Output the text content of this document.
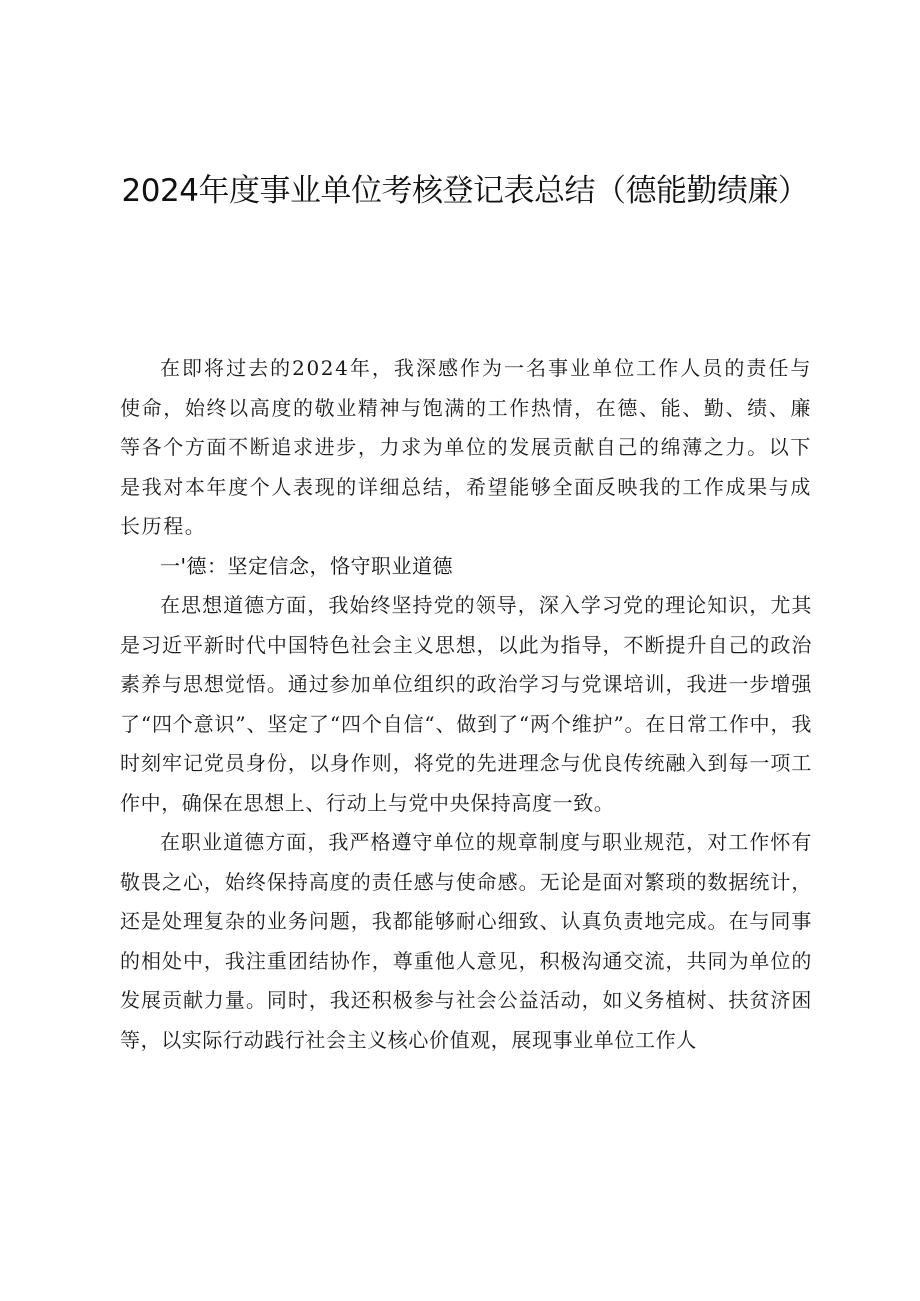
2024年度事业单位考核登记表总结（德能勤绩廉）

在即将过去的2024年，我深感作为一名事业单位工作人员的责任与使命，始终以高度的敬业精神与饱满的工作热情，在德、能、勤、绩、廉等各个方面不断追求进步，力求为单位的发展贡献自己的绵薄之力。以下是我对本年度个人表现的详细总结，希望能够全面反映我的工作成果与成长历程。

一'德：坚定信念，恪守职业道德

在思想道德方面，我始终坚持党的领导，深入学习党的理论知识，尤其是习近平新时代中国特色社会主义思想，以此为指导，不断提升自己的政治素养与思想觉悟。通过参加单位组织的政治学习与党课培训，我进一步增强了“四个意识”、坚定了“四个自信“、做到了“两个维护”。在日常工作中，我时刻牢记党员身份，以身作则，将党的先进理念与优良传统融入到每一项工作中，确保在思想上、行动上与党中央保持高度一致。

在职业道德方面，我严格遵守单位的规章制度与职业规范，对工作怀有敬畏之心，始终保持高度的责任感与使命感。无论是面对繁琐的数据统计，还是处理复杂的业务问题，我都能够耐心细致、认真负责地完成。在与同事的相处中，我注重团结协作，尊重他人意见，积极沟通交流，共同为单位的发展贡献力量。同时，我还积极参与社会公益活动，如义务植树、扶贫济困等，以实际行动践行社会主义核心价值观，展现事业单位工作人
